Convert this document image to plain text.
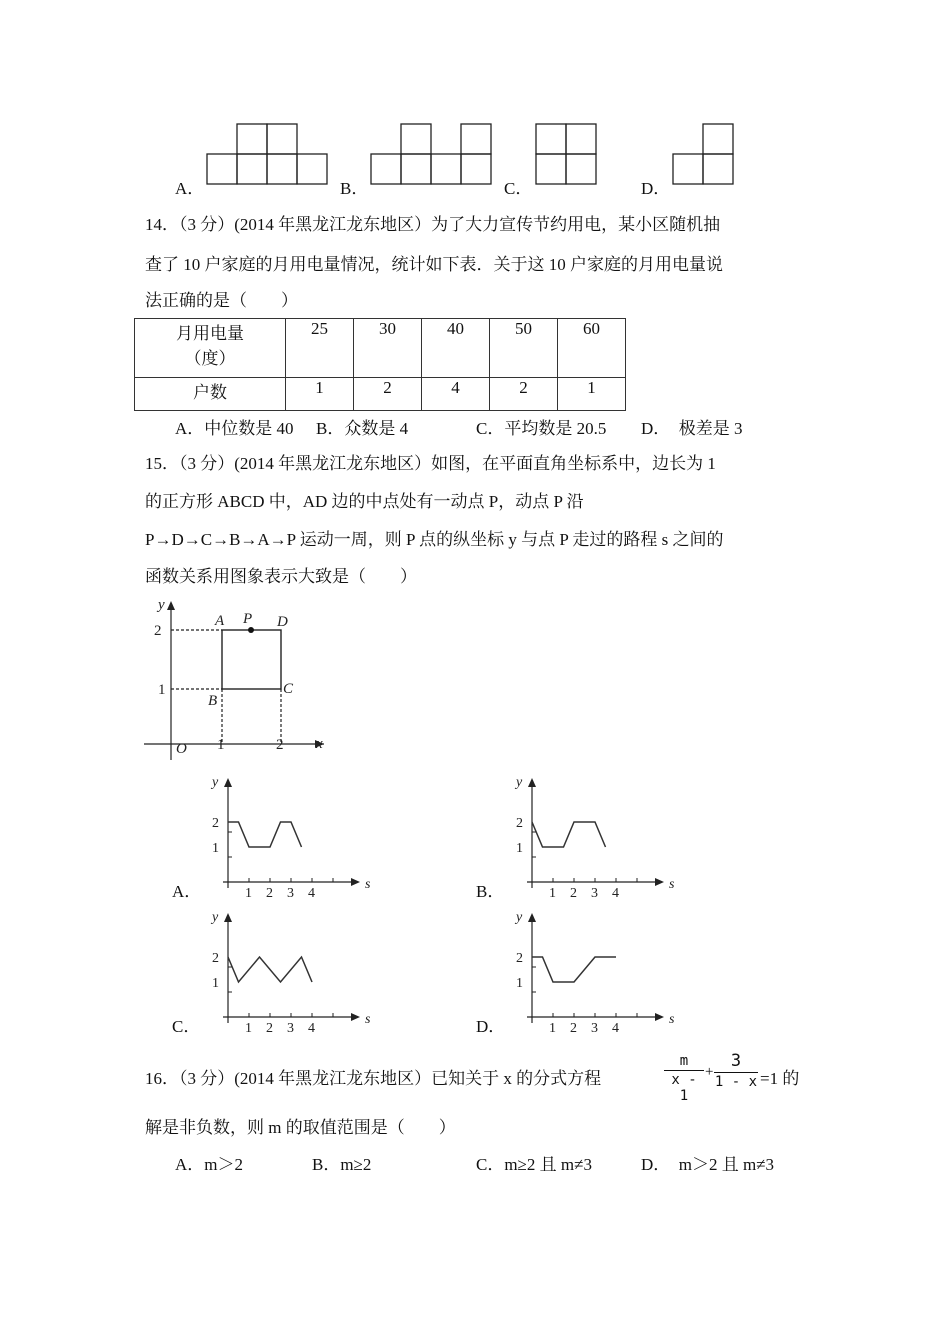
A．	B．	C．	D．
14．（3 分）(2014 年黑龙江龙东地区）为了大力宣传节约用电，某小区随机抽
查了 10 户家庭的月用电量情况，统计如下表．关于这 10 户家庭的月用电量说
法正确的是（　　）
月用电量
（度）	25	30	40	50	60
户数	1	2	4	2	1
A．中位数是 40 B．众数是 4	C．平均数是 20.5 D．　极差是 3
15．（3 分）(2014 年黑龙江龙东地区）如图，在平面直角坐标系中，边长为 1
的正方形 ABCD 中，AD 边的中点处有一动点 P，动点 P 沿
P→D→C→B→A→P 运动一周，则 P 点的纵坐标 y 与点 P 走过的路程 s 之间的
函数关系用图象表示大致是（　　）
y
x
O
A P D
B
C
2
1
1	2
A．	B．
C．	D．
y
s
2
1
1 2 3 4
y
s
2
1
1 2 3 4
y
s
2
1
1 2 3 4
y
s
2
1
1 2 3 4
16．（3 分）(2014 年黑龙江龙东地区）已知关于 x 的分式方程
m
x - 1
+
3
1 - x =1 的
解是非负数，则 m 的取值范围是（　　）
A．m＞2	B．m≥2	C．m≥2 且 m≠3	D．　m＞2 且 m≠3
